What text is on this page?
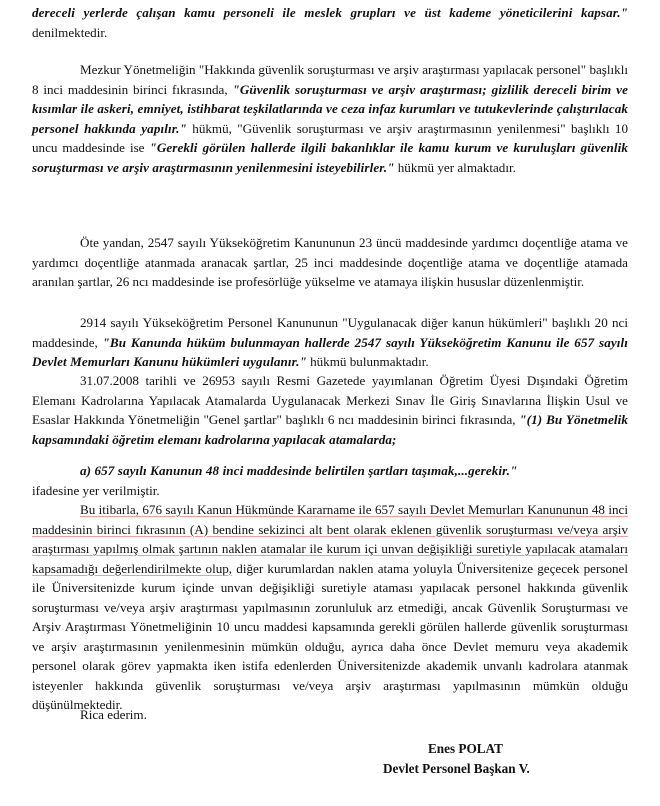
dereceli yerlerde çalışan kamu personeli ile meslek grupları ve üst kademe yöneticilerini kapsar." denilmektedir.

Mezkur Yönetmeliğin "Hakkında güvenlik soruşturması ve arşiv araştırması yapılacak personel" başlıklı 8 inci maddesinin birinci fıkrasında, "Güvenlik soruşturması ve arşiv araştırması; gizlilik dereceli birim ve kısımlar ile askeri, emniyet, istihbarat teşkilatlarında ve ceza infaz kurumları ve tutukevlerinde çalıştırılacak personel hakkında yapılır." hükmü, "Güvenlik soruşturması ve arşiv araştırmasının yenilenmesi" başlıklı 10 uncu maddesinde ise "Gerekli görülen hallerde ilgili bakanlıklar ile kamu kurum ve kuruluşları güvenlik soruşturması ve arşiv araştırmasının yenilenmesini isteyebilirler." hükmü yer almaktadır.

Öte yandan, 2547 sayılı Yükseköğretim Kanununun 23 üncü maddesinde yardımcı doçentliğe atama ve yardımcı doçentliğe atanmada aranacak şartlar, 25 inci maddesinde doçentliğe atama ve doçentliğe atamada aranılan şartlar, 26 ncı maddesinde ise profesörlüğe yükselme ve atamaya ilişkin hususlar düzenlenmiştir.

2914 sayılı Yükseköğretim Personel Kanununun "Uygulanacak diğer kanun hükümleri" başlıklı 20 nci maddesinde, "Bu Kanunda hüküm bulunmayan hallerde 2547 sayılı Yükseköğretim Kanunu ile 657 sayılı Devlet Memurları Kanunu hükümleri uygulanır." hükmü bulunmaktadır.

31.07.2008 tarihli ve 26953 sayılı Resmi Gazetede yayımlanan Öğretim Üyesi Dışındaki Öğretim Elemanı Kadrolarına Yapılacak Atamalarda Uygulanacak Merkezi Sınav İle Giriş Sınavlarına İlişkin Usul ve Esaslar Hakkında Yönetmeliğin "Genel şartlar" başlıklı 6 ncı maddesinin birinci fıkrasında, "(1) Bu Yönetmelik kapsamındaki öğretim elemanı kadrolarına yapılacak atamalarda;

a) 657 sayılı Kanunun 48 inci maddesinde belirtilen şartları taşımak,...gerekir."

ifadesine yer verilmiştir.

Bu itibarla, 676 sayılı Kanun Hükmünde Kararname ile 657 sayılı Devlet Memurları Kanununun 48 inci maddesinin birinci fıkrasının (A) bendine sekizinci alt bent olarak eklenen güvenlik soruşturması ve/veya arşiv araştırması yapılmış olmak şartının naklen atamalar ile kurum içi unvan değişikliği suretiyle yapılacak atamaları kapsamadığı değerlendirilmekte olup, diğer kurumlardan naklen atama yoluyla Üniversitenize geçecek personel ile Üniversitenizde kurum içinde unvan değişikliği suretiyle ataması yapılacak personel hakkında güvenlik soruşturması ve/veya arşiv araştırması yapılmasının zorunluluk arz etmediği, ancak Güvenlik Soruşturması ve Arşiv Araştırması Yönetmeliğinin 10 uncu maddesi kapsamında gerekli görülen hallerde güvenlik soruşturması ve arşiv araştırmasının yenilenmesinin mümkün olduğu, ayrıca daha önce Devlet memuru veya akademik personel olarak görev yapmakta iken istifa edenlerden Üniversitenizde akademik unvanlı kadrolara atanmak isteyenler hakkında güvenlik soruşturması ve/veya arşiv araştırması yapılmasının mümkün olduğu düşünülmektedir.

Rica ederim.

Enes POLAT
Devlet Personel Başkan V.
